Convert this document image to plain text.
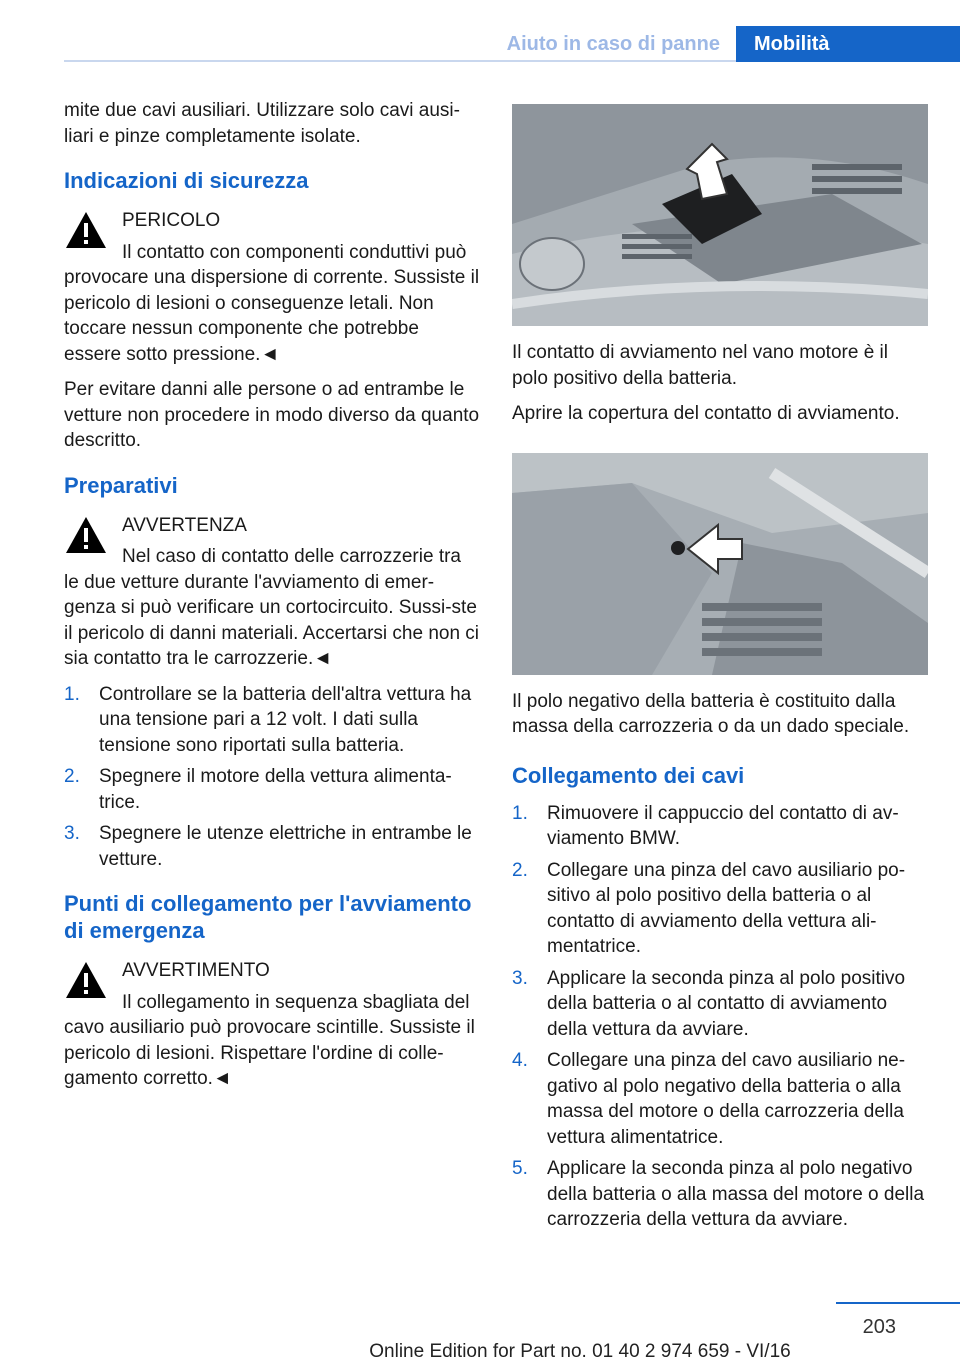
Aiuto in caso di panne	Mobilità

mite due cavi ausiliari. Utilizzare solo cavi ausi-liari e pinze completamente isolate.

Indicazioni di sicurezza
PERICOLO
Il contatto con componenti conduttivi può provocare una dispersione di corrente. Sussiste il pericolo di lesioni o conseguenze letali. Non toccare nessun componente che potrebbe essere sotto pressione.◄

Per evitare danni alle persone o ad entrambe le vetture non procedere in modo diverso da quanto descritto.

Preparativi
AVVERTENZA
Nel caso di contatto delle carrozzerie tra le due vetture durante l'avviamento di emer-genza si può verificare un cortocircuito. Sussi-ste il pericolo di danni materiali. Accertarsi che non ci sia contatto tra le carrozzerie.◄
1. Controllare se la batteria dell'altra vettura ha una tensione pari a 12 volt. I dati sulla tensione sono riportati sulla batteria.
2. Spegnere il motore della vettura alimenta-trice.
3. Spegnere le utenze elettriche in entrambe le vetture.
Punti di collegamento per l'avviamento di emergenza
AVVERTIMENTO
Il collegamento in sequenza sbagliata del cavo ausiliario può provocare scintille. Sussiste il pericolo di lesioni. Rispettare l'ordine di colle-gamento corretto.◄

Il contatto di avviamento nel vano motore è il polo positivo della batteria.

Aprire la copertura del contatto di avviamento.

Il polo negativo della batteria è costituito dalla massa della carrozzeria o da un dado speciale.

Collegamento dei cavi
1. Rimuovere il cappuccio del contatto di av-viamento BMW.
2. Collegare una pinza del cavo ausiliario po-sitivo al polo positivo della batteria o al contatto di avviamento della vettura ali-mentatrice.
3. Applicare la seconda pinza al polo positivo della batteria o al contatto di avviamento della vettura da avviare.
4. Collegare una pinza del cavo ausiliario ne-gativo al polo negativo della batteria o alla massa del motore o della carrozzeria della vettura alimentatrice.
5. Applicare la seconda pinza al polo negativo della batteria o alla massa del motore o della carrozzeria della vettura da avviare.
203
Online Edition for Part no. 01 40 2 974 659 - VI/16
